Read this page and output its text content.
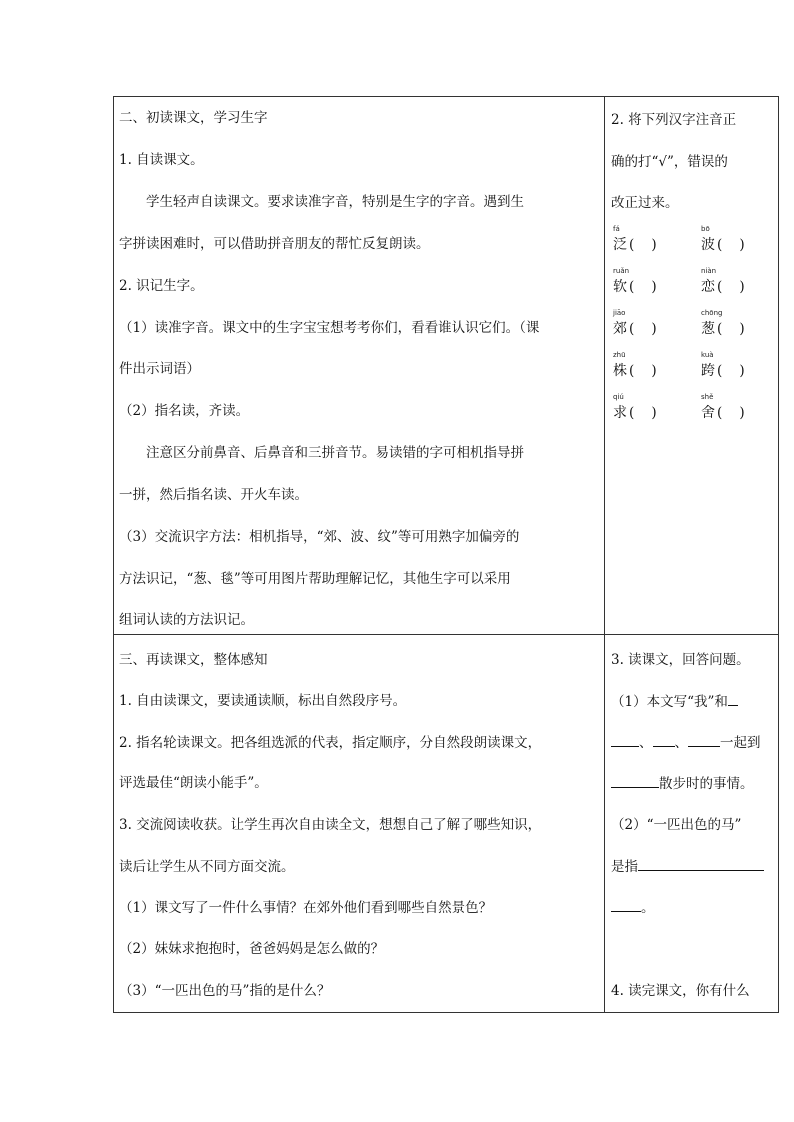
二、初读课文，学习生字
1. 自读课文。
学生轻声自读课文。要求读准字音，特别是生字的字音。遇到生
字拼读困难时，可以借助拼音朋友的帮忙反复朗读。
2. 识记生字。
（1）读准字音。课文中的生字宝宝想考考你们，看看谁认识它们。（课
件出示词语）
（2）指名读，齐读。
注意区分前鼻音、后鼻音和三拼音节。易读错的字可相机指导拼
一拼，然后指名读、开火车读。
（3）交流识字方法：相机指导，“郊、波、纹”等可用熟字加偏旁的
方法识记，“葱、毯”等可用图片帮助理解记忆，其他生字可以采用
组词认读的方法识记。
2. 将下列汉字注音正
确的打“√”，错误的
改正过来。
fá
泛 (    )
bō
波 (    )
ruǎn
软 (    )
niàn
恋 (    )
jiāo
郊 (    )
chōng
葱 (    )
zhū
株 (    )
kuà
跨 (    )
qiú
求 (    )
shě
舍 (    )
三、再读课文，整体感知
1. 自由读课文，要读通读顺，标出自然段序号。
2. 指名轮读课文。把各组选派的代表，指定顺序，分自然段朗读课文，
评选最佳“朗读小能手”。
3. 交流阅读收获。让学生再次自由读全文，想想自己了解了哪些知识，
读后让学生从不同方面交流。
（1）课文写了一件什么事情？在郊外他们看到哪些自然景色？
（2）妹妹求抱抱时，爸爸妈妈是怎么做的？
（3）“一匹出色的马”指的是什么？
3. 读课文，回答问题。
（1）本文写“我”和
、 、 一起到
散步时的事情。
（2）“一匹出色的马”
是指
。
4. 读完课文，你有什么
